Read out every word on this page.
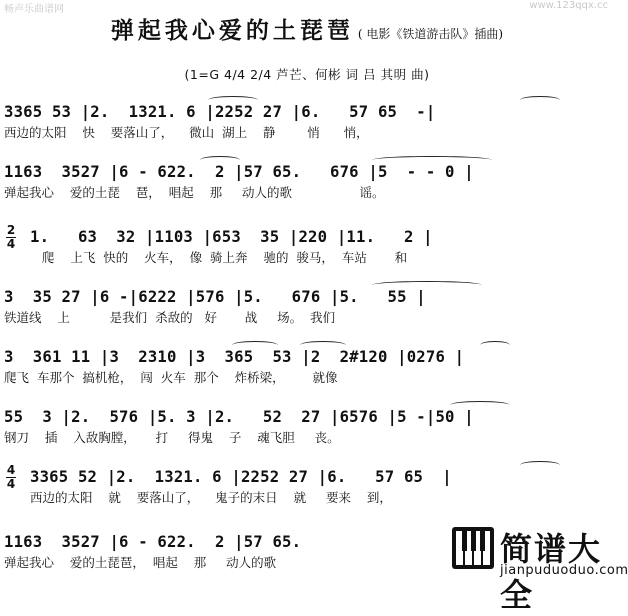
畅声乐曲谱网	www.123qqx.cc
弹起我心爱的土琵琶 ( 电影《铁道游击队》插曲)
(1=G 4/4 2/4 芦芒、何彬 词 吕 其明 曲)
2
4
4
4
3365 53 |2.  1321. 6 |2252 27 |6.   57 65  -|
西边的太阳    快    要落山了，    微山  湖上    静        悄      悄，
1163  3527 |6 - 622.  2 |57 65.   676 |5  - - 0 |
弹起我心    爱的土琵    琶，  唱起    那     动人的歌                 谣。
1.   63  32 |1103 |653  35 |220 |11.   2 |
爬    上飞  快的    火车，  像  骑上奔    驰的  骏马，  车站       和
3  35 27 |6 -|6222 |576 |5.   676 |5.   55 |
铁道线    上          是我们  杀敌的   好       战     场。  我们
3  361 11 |3  2310 |3  365  53 |2  2#120 |0276 |
爬飞  车那个  搞机枪，  闯  火车  那个    炸桥梁，       就像
55  3 |2.  576 |5. 3 |2.   52  27 |6576 |5 -|50 |
钢刀    插    入敌胸膛，     打     得鬼    子    魂飞胆     丧。
3365 52 |2.  1321. 6 |2252 27 |6.   57 65  |
西边的太阳    就    要落山了，    鬼子的末日    就     要来    到，
1163  3527 |6 - 622.  2 |57 65.
弹起我心    爱的土琵琶，  唱起    那     动人的歌	简谱大全
jianpuduoduo.com
